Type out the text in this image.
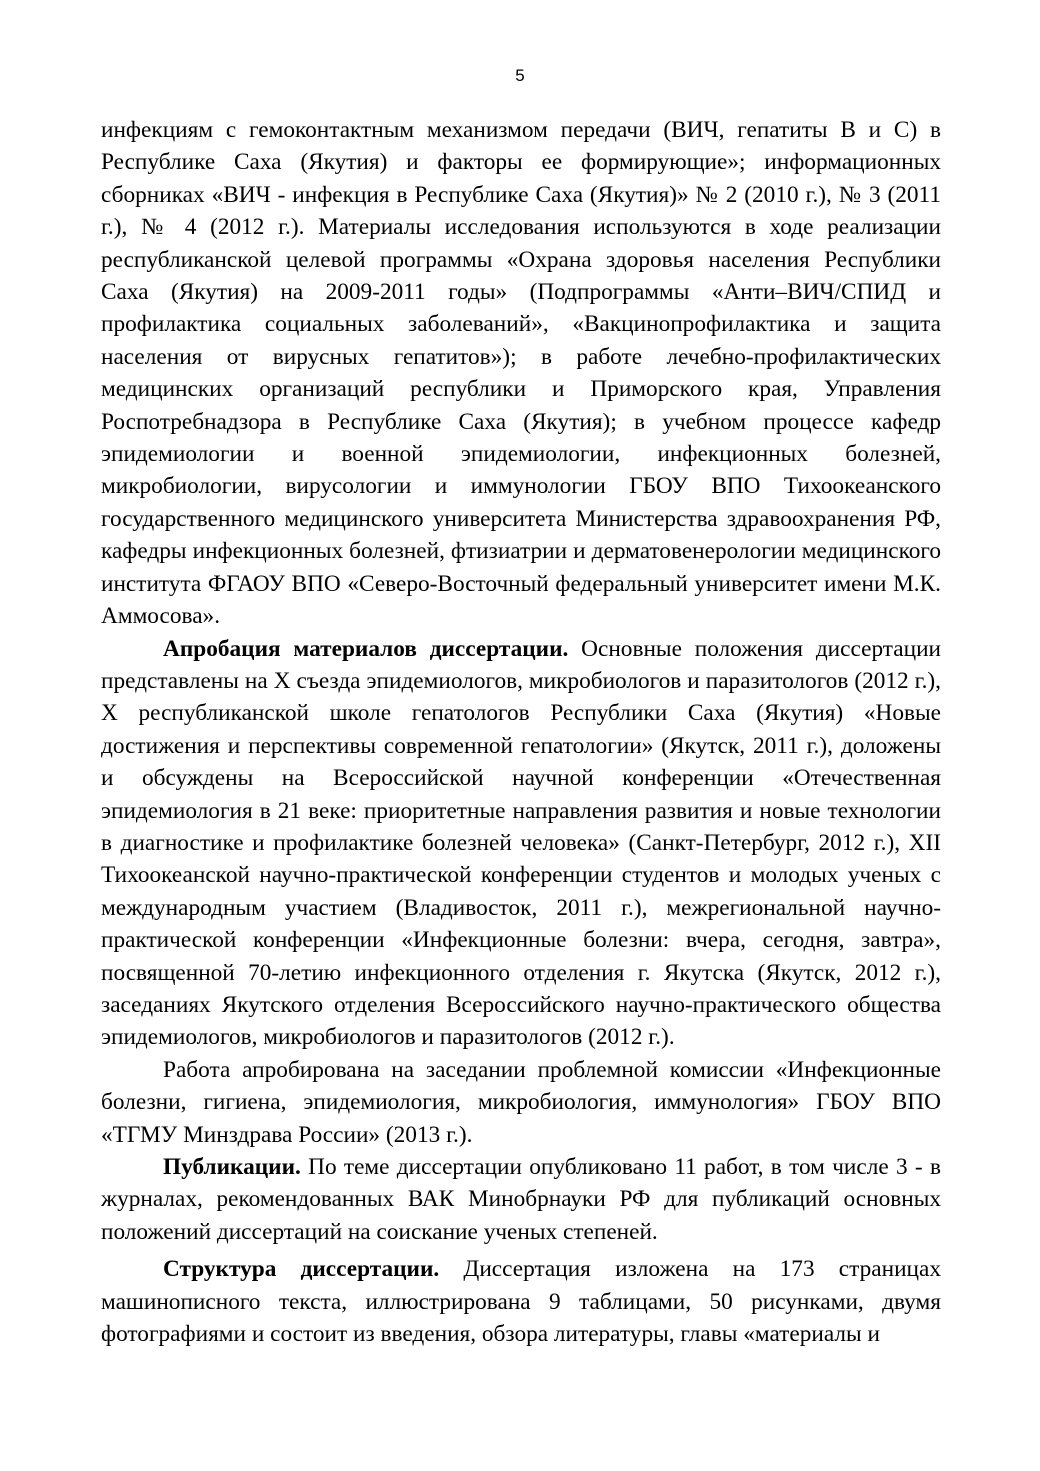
5

инфекциям с гемоконтактным механизмом передачи (ВИЧ, гепатиты В и С) в Республике Саха (Якутия) и факторы ее формирующие»; информационных сборниках «ВИЧ - инфекция в Республике Саха (Якутия)» № 2 (2010 г.), № 3 (2011 г.), № 4 (2012 г.). Материалы исследования используются в ходе реализации республиканской целевой программы «Охрана здоровья населения Республики Саха (Якутия) на 2009-2011 годы» (Подпрограммы «Анти–ВИЧ/СПИД и профилактика социальных заболеваний», «Вакцинопрофилактика и защита населения от вирусных гепатитов»); в работе лечебно-профилактических медицинских организаций республики и Приморского края, Управления Роспотребнадзора в Республике Саха (Якутия); в учебном процессе кафедр эпидемиологии и военной эпидемиологии, инфекционных болезней, микробиологии, вирусологии и иммунологии ГБОУ ВПО Тихоокеанского государственного медицинского университета Министерства здравоохранения РФ, кафедры инфекционных болезней, фтизиатрии и дерматовенерологии медицинского института ФГАОУ ВПО «Северо-Восточный федеральный университет имени М.К. Аммосова».

Апробация материалов диссертации. Основные положения диссертации представлены на X съезда эпидемиологов, микробиологов и паразитологов (2012 г.), X республиканской школе гепатологов Республики Саха (Якутия) «Новые достижения и перспективы современной гепатологии» (Якутск, 2011 г.), доложены и обсуждены на Всероссийской научной конференции «Отечественная эпидемиология в 21 веке: приоритетные направления развития и новые технологии в диагностике и профилактике болезней человека» (Санкт-Петербург, 2012 г.), XII Тихоокеанской научно-практической конференции студентов и молодых ученых с международным участием (Владивосток, 2011 г.), межрегиональной научно-практической конференции «Инфекционные болезни: вчера, сегодня, завтра», посвященной 70-летию инфекционного отделения г. Якутска (Якутск, 2012 г.), заседаниях Якутского отделения Всероссийского научно-практического общества эпидемиологов, микробиологов и паразитологов (2012 г.).

Работа апробирована на заседании проблемной комиссии «Инфекционные болезни, гигиена, эпидемиология, микробиология, иммунология» ГБОУ ВПО «ТГМУ Минздрава России» (2013 г.).

Публикации. По теме диссертации опубликовано 11 работ, в том числе 3 - в журналах, рекомендованных ВАК Минобрнауки РФ для публикаций основных положений диссертаций на соискание ученых степеней.

Структура диссертации. Диссертация изложена на 173 страницах машинописного текста, иллюстрирована 9 таблицами, 50 рисунками, двумя фотографиями и состоит из введения, обзора литературы, главы «материалы и
